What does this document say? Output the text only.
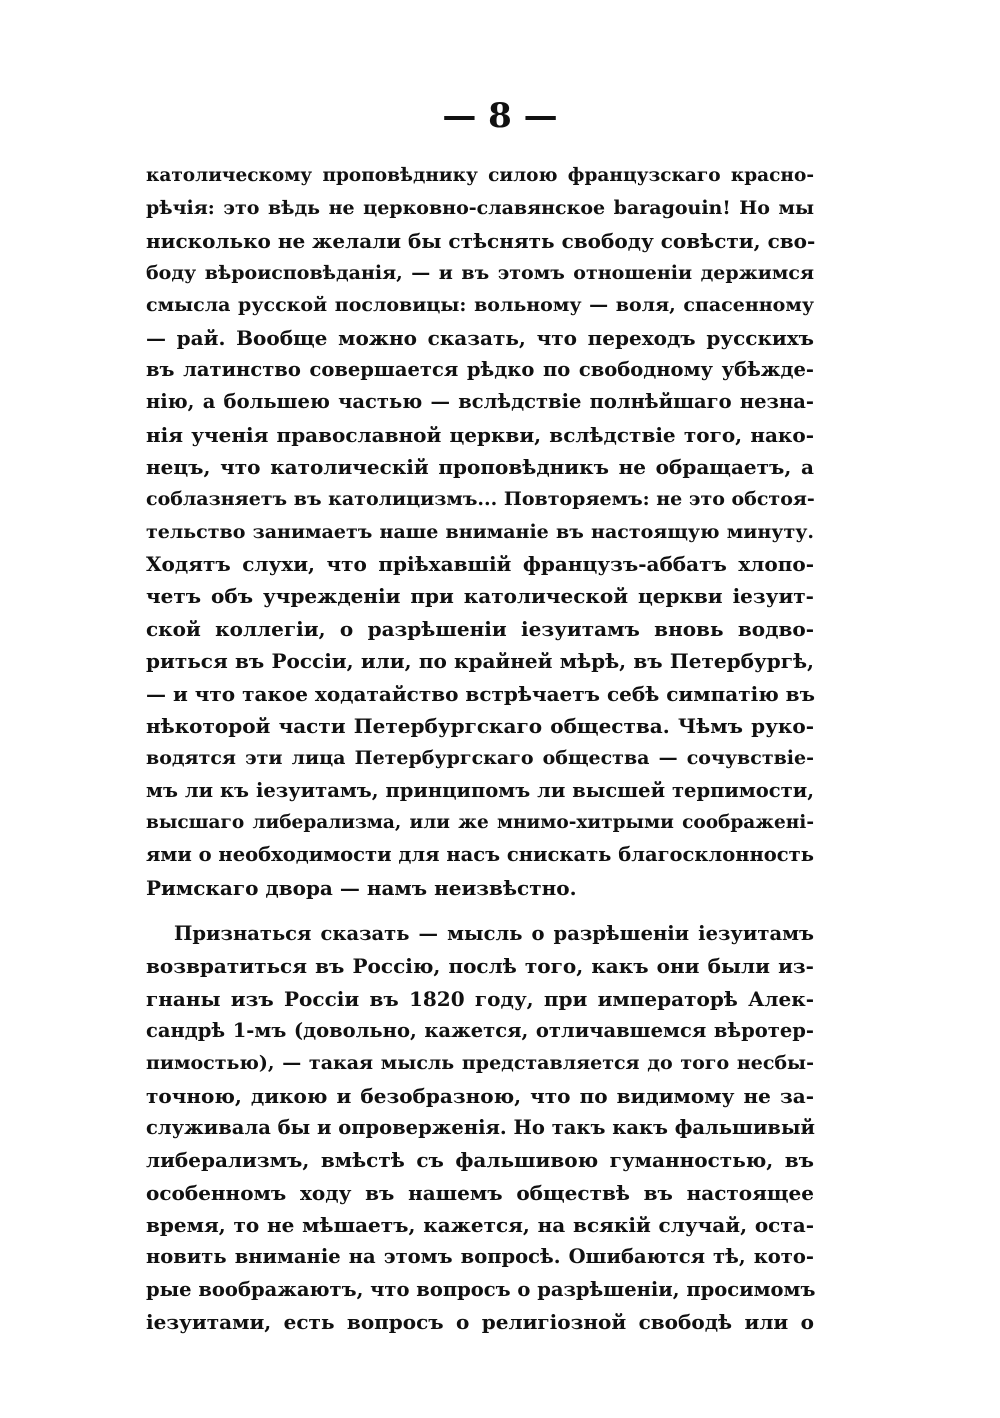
— 8 —
католическому проповѣднику силою французскаго красно-
рѣчія: это вѣдь не церковно-славянское baragouin! Но мы
нисколько не желали бы стѣснять свободу совѣсти, сво-
боду вѣроисповѣданія, — и въ этомъ отношеніи держимся
смысла русской пословицы: вольному — воля, спасенному
— рай. Вообще можно сказать, что переходъ русскихъ
въ латинство совершается рѣдко по свободному убѣжде-
нію, а большею частью — вслѣдствіе полнѣйшаго незна-
нія ученія православной церкви, вслѣдствіе того, нако-
нецъ, что католическій проповѣдникъ не обращаетъ, а
соблазняетъ въ католицизмъ... Повторяемъ: не это обстоя-
тельство занимаетъ наше вниманіе въ настоящую минуту.
Ходятъ слухи, что пріѣхавшій французъ-аббатъ хлопо-
четъ объ учрежденіи при католической церкви іезуит-
ской коллегіи, о разрѣшеніи іезуитамъ вновь водво-
риться въ Россіи, или, по крайней мѣрѣ, въ Петербургѣ,
— и что такое ходатайство встрѣчаетъ себѣ симпатію въ
нѣкоторой части Петербургскаго общества. Чѣмъ руко-
водятся эти лица Петербургскаго общества — сочувствіе-
мъ ли къ іезуитамъ, принципомъ ли высшей терпимости,
высшаго либерализма, или же мнимо-хитрыми соображені-
ями о необходимости для насъ снискать благосклонность
Римскаго двора — намъ неизвѣстно.
Признаться сказать — мысль о разрѣшеніи іезуитамъ
возвратиться въ Россію, послѣ того, какъ они были из-
гнаны изъ Россіи въ 1820 году, при императорѣ Алек-
сандрѣ 1-мъ (довольно, кажется, отличавшемся вѣротер-
пимостью), — такая мысль представляется до того несбы-
точною, дикою и безобразною, что по видимому не за-
служивала бы и опроверженія. Но такъ какъ фальшивый
либерализмъ, вмѣстѣ съ фальшивою гуманностью, въ
особенномъ ходу въ нашемъ обществѣ въ настоящее
время, то не мѣшаетъ, кажется, на всякій случай, оста-
новить вниманіе на этомъ вопросѣ. Ошибаются тѣ, кото-
рые воображаютъ, что вопросъ о разрѣшеніи, просимомъ
іезуитами, есть вопросъ о религіозной свободѣ или о
